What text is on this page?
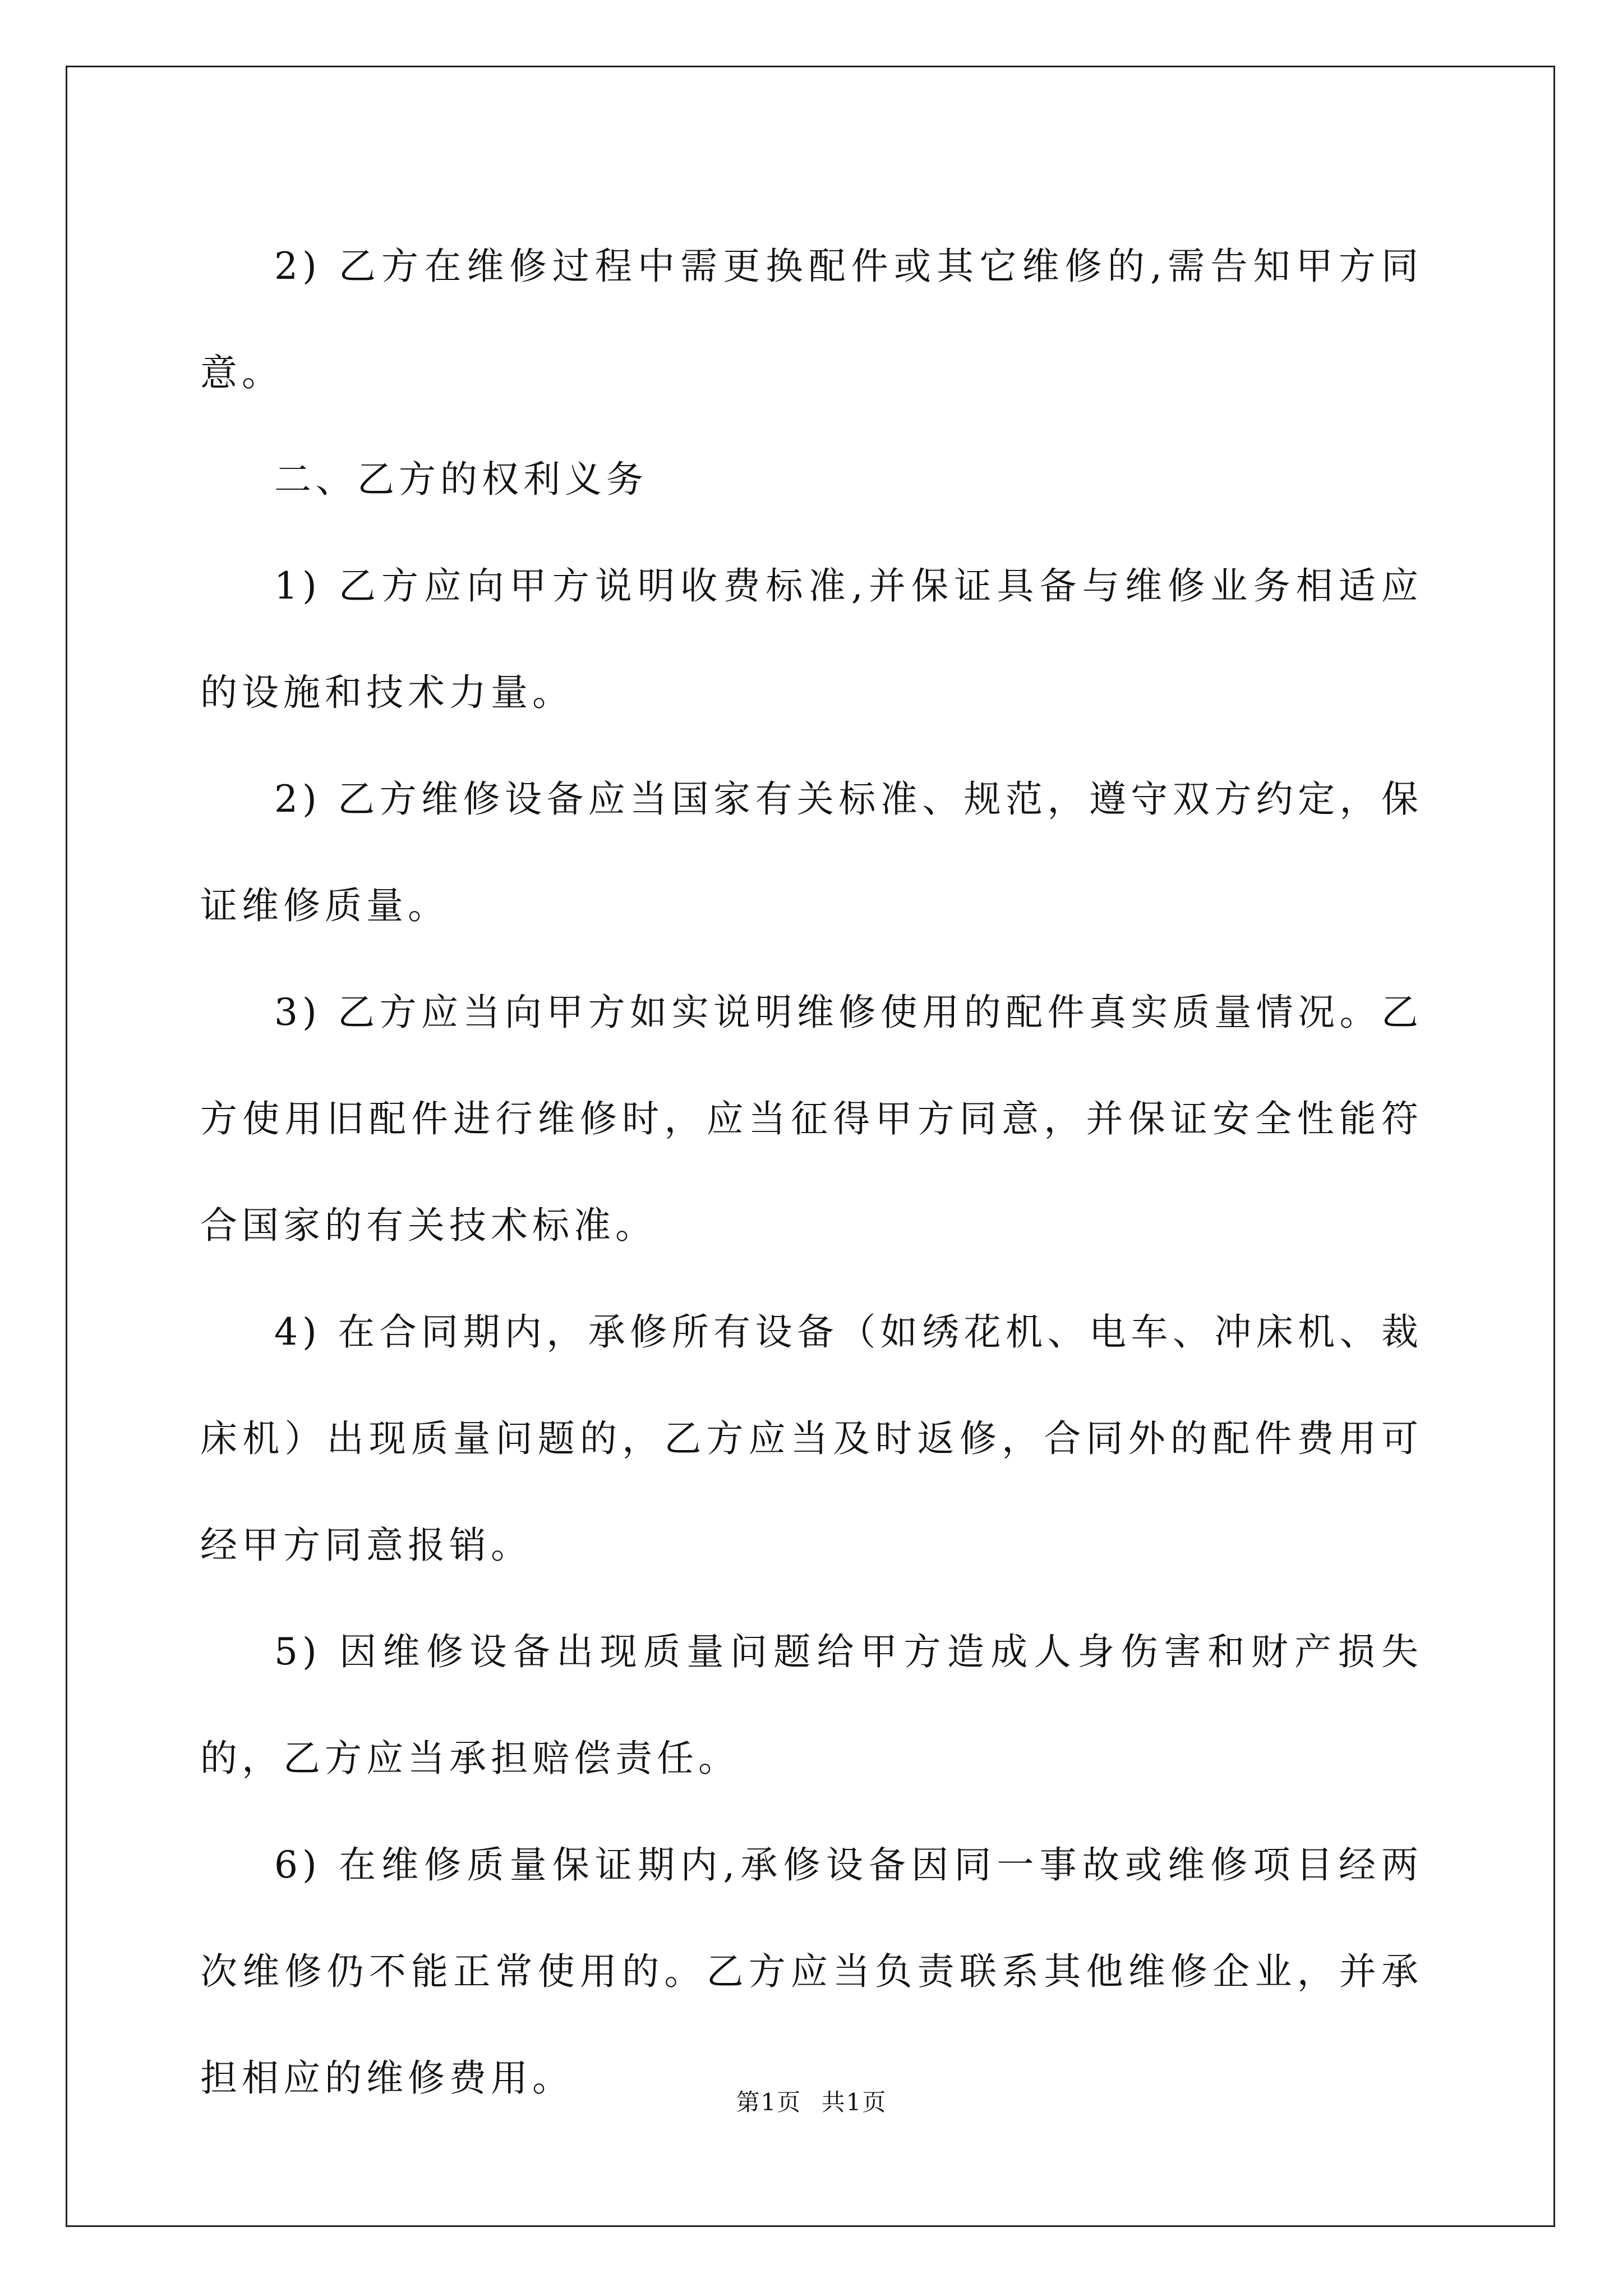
2) 乙方在维修过程中需更换配件或其它维修的,需告知甲方同意。

二、乙方的权利义务

1) 乙方应向甲方说明收费标准,并保证具备与维修业务相适应的设施和技术力量。

2) 乙方维修设备应当国家有关标准、规范，遵守双方约定，保证维修质量。

3) 乙方应当向甲方如实说明维修使用的配件真实质量情况。乙方使用旧配件进行维修时，应当征得甲方同意，并保证安全性能符合国家的有关技术标准。

4) 在合同期内，承修所有设备（如绣花机、电车、冲床机、裁床机）出现质量问题的，乙方应当及时返修，合同外的配件费用可经甲方同意报销。

5) 因维修设备出现质量问题给甲方造成人身伤害和财产损失的，乙方应当承担赔偿责任。

6) 在维修质量保证期内,承修设备因同一事故或维修项目经两次维修仍不能正常使用的。乙方应当负责联系其他维修企业，并承担相应的维修费用。

第1页 共1页
